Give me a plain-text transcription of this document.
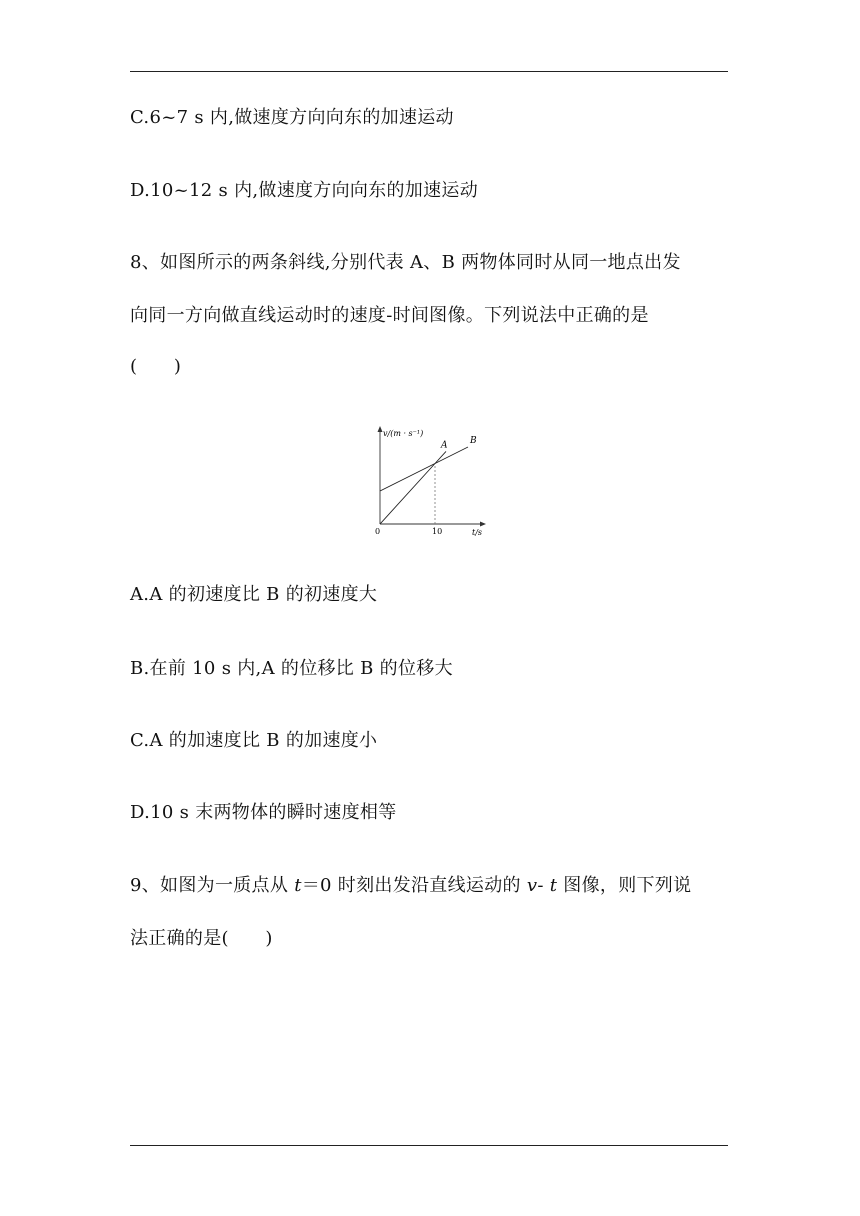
C.6~7 s 内,做速度方向向东的加速运动
D.10~12 s 内,做速度方向向东的加速运动
8、如图所示的两条斜线,分别代表 A、B 两物体同时从同一地点出发
向同一方向做直线运动时的速度-时间图像。下列说法中正确的是
(　　)
v/(m · s⁻¹)
t/s
0	10
A	B
A.A 的初速度比 B 的初速度大
B.在前 10 s 内,A 的位移比 B 的位移大
C.A 的加速度比 B 的加速度小
D.10 s 末两物体的瞬时速度相等
9、如图为一质点从 t＝0 时刻出发沿直线运动的 v- t 图像，则下列说
法正确的是(　　)
